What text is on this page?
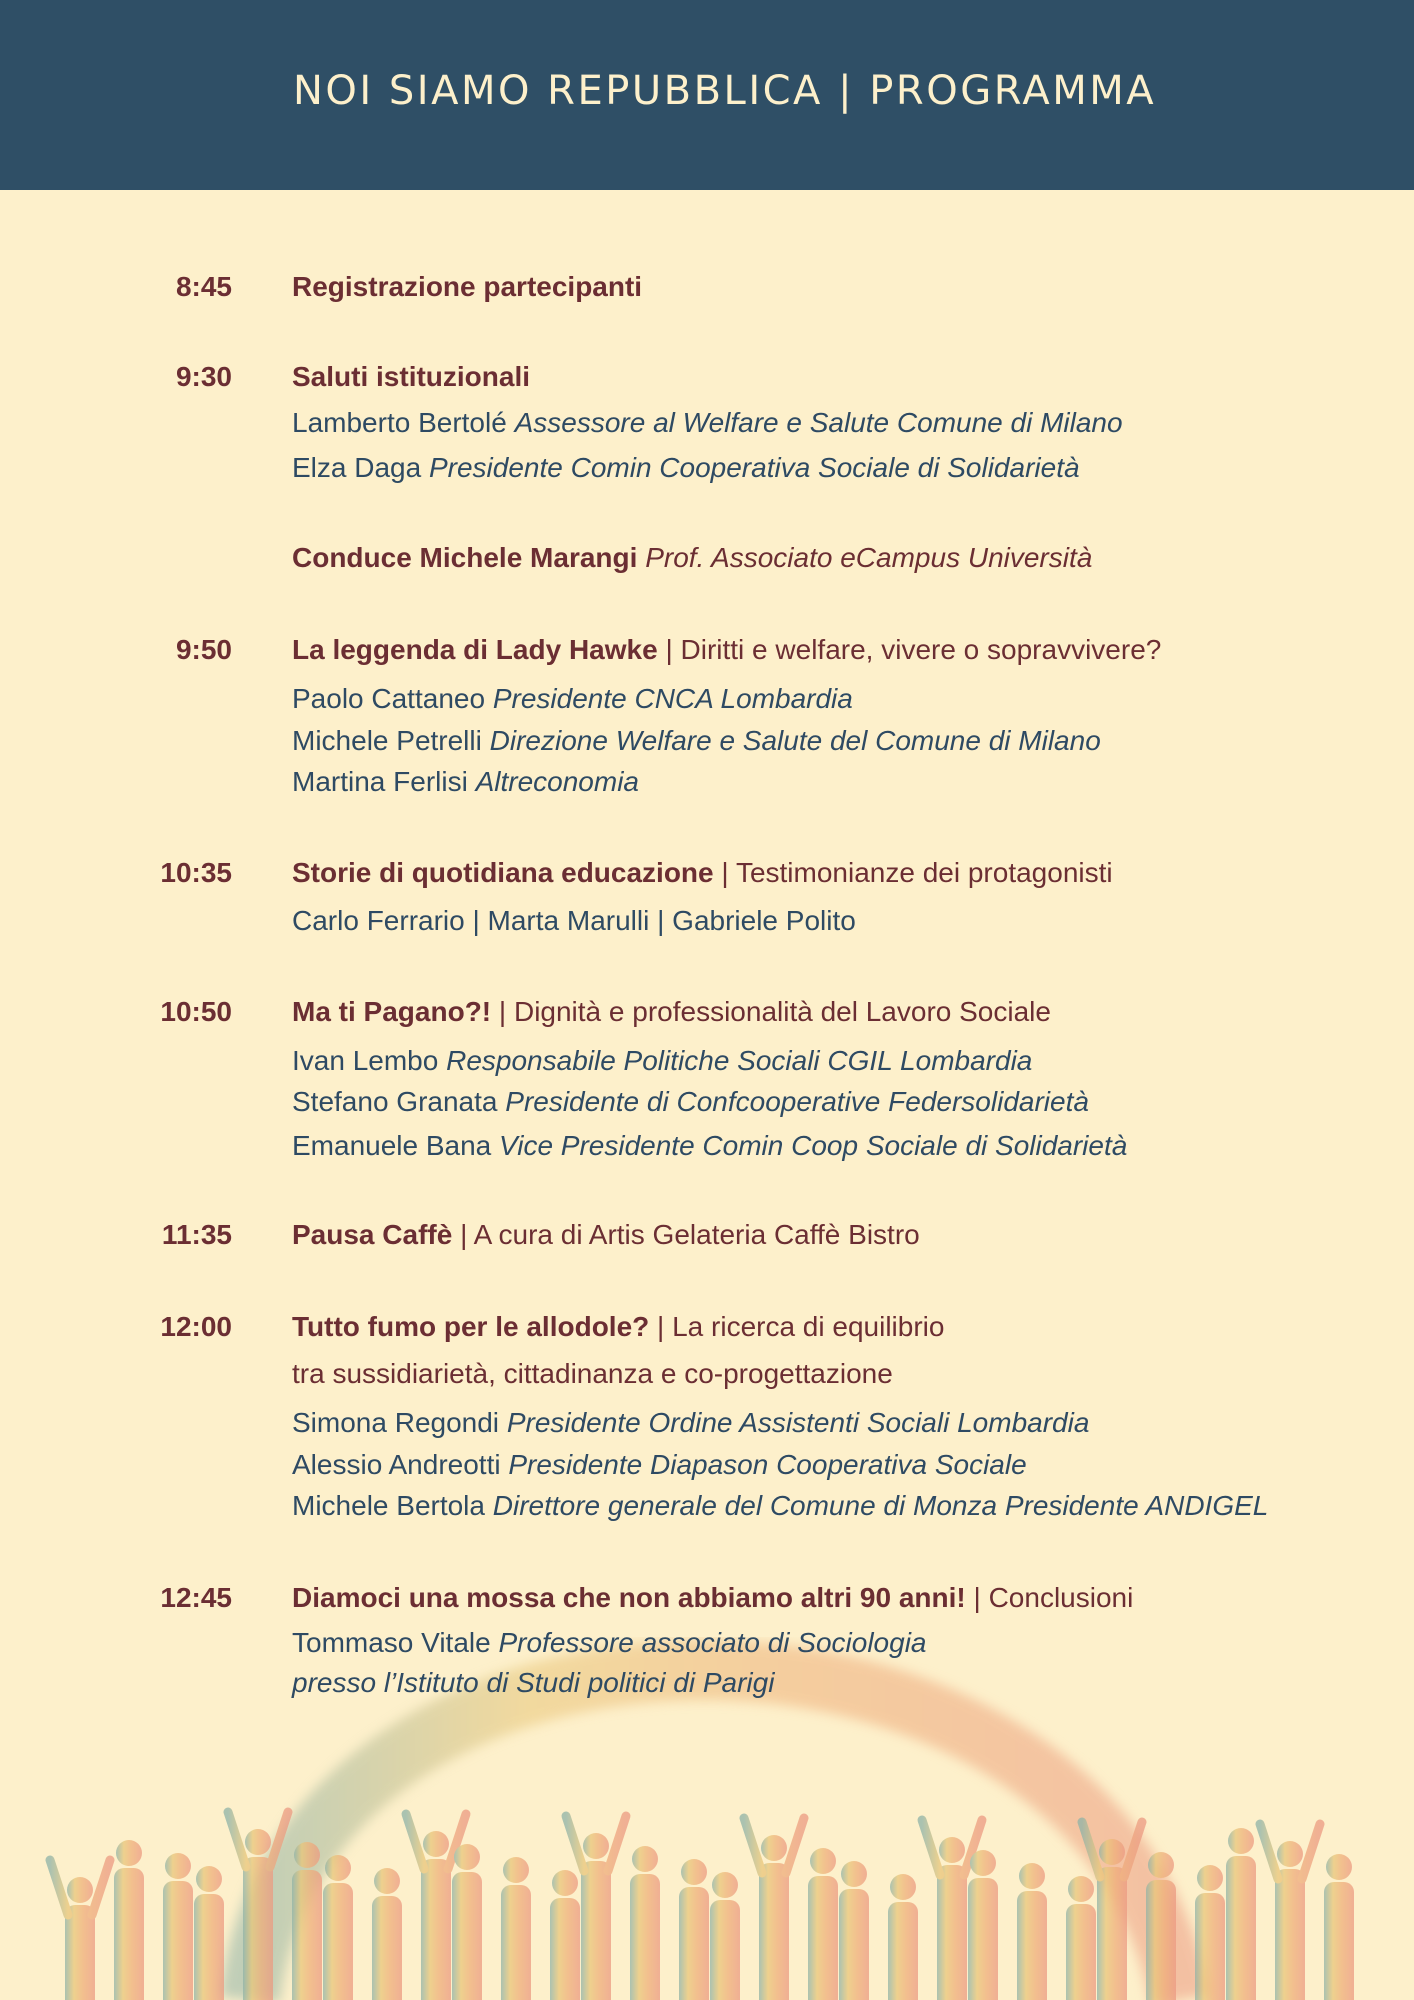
NOI SIAMO REPUBBLICA | PROGRAMMA
8:45 Registrazione partecipanti
9:30 Saluti istituzionali
Lamberto Bertolé Assessore al Welfare e Salute Comune di Milano
Elza Daga Presidente Comin Cooperativa Sociale di Solidarietà
Conduce Michele Marangi Prof. Associato eCampus Università
9:50 La leggenda di Lady Hawke | Diritti e welfare, vivere o sopravvivere?
Paolo Cattaneo Presidente CNCA Lombardia
Michele Petrelli Direzione Welfare e Salute del Comune di Milano
Martina Ferlisi Altreconomia
10:35 Storie di quotidiana educazione | Testimonianze dei protagonisti
Carlo Ferrario | Marta Marulli | Gabriele Polito
10:50 Ma ti Pagano?! | Dignità e professionalità del Lavoro Sociale
Ivan Lembo Responsabile Politiche Sociali CGIL Lombardia
Stefano Granata Presidente di Confcooperative Federsolidarietà
Emanuele Bana Vice Presidente Comin Coop Sociale di Solidarietà
11:35 Pausa Caffè | A cura di Artis Gelateria Caffè Bistro
12:00 Tutto fumo per le allodole? | La ricerca di equilibrio
tra sussidiarietà, cittadinanza e co-progettazione
Simona Regondi Presidente Ordine Assistenti Sociali Lombardia
Alessio Andreotti Presidente Diapason Cooperativa Sociale
Michele Bertola Direttore generale del Comune di Monza Presidente ANDIGEL
12:45 Diamoci una mossa che non abbiamo altri 90 anni! | Conclusioni
Tommaso Vitale Professore associato di Sociologia
presso l’Istituto di Studi politici di Parigi
